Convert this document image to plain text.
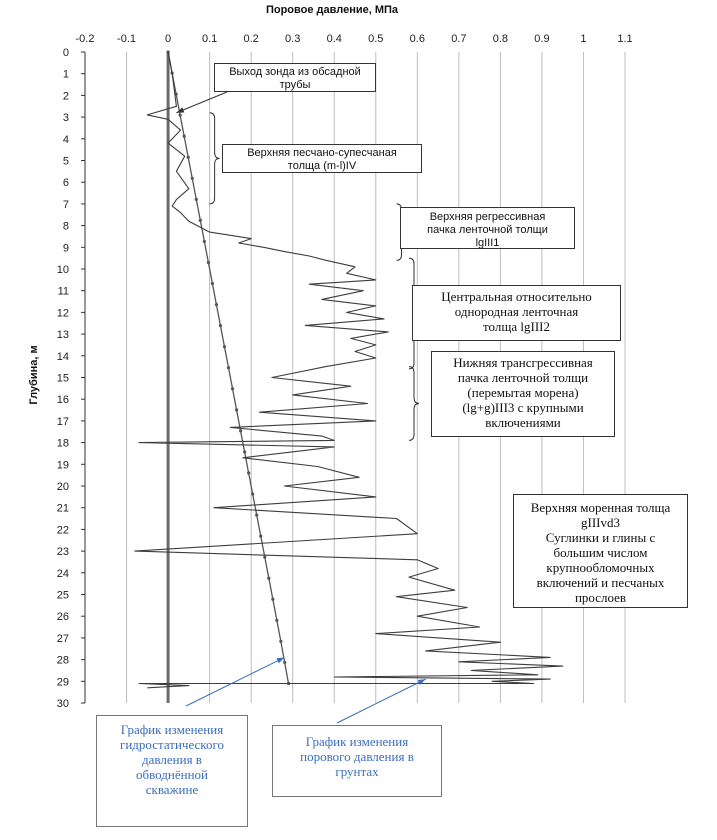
-0.2 -0.1	0	0.1 0.2 0.3 0.4 0.5 0.6 0.7 0.8 0.9	1	1.1
0
1
2
3
4
5
6
7
8
9
10
11
12
13
14
15
16
17
18
19
20
21
22
23
24
25
26
27
28
29
30
Поровое давление, МПа
Глубина, м
Выход зонда из обсадной
трубы
Верхняя песчано-супесчаная
толща (m-l)IV
Верхняя регрессивная
пачка ленточной толщи
lgIII1
Центральная относительно
однородная ленточная
толща lgIII2
Нижняя трансгрессивная
пачка ленточной толщи
(перемытая морена)
(lg+g)III3 с крупными
включениями
Верхняя моренная толща
gIIIvd3
Суглинки и глины с
большим числом
крупнообломочных
включений и песчаных
прослоев
График изменения
гидростатического
давления в
обводнённой
скважине
График изменения
порового давления в
грунтах
